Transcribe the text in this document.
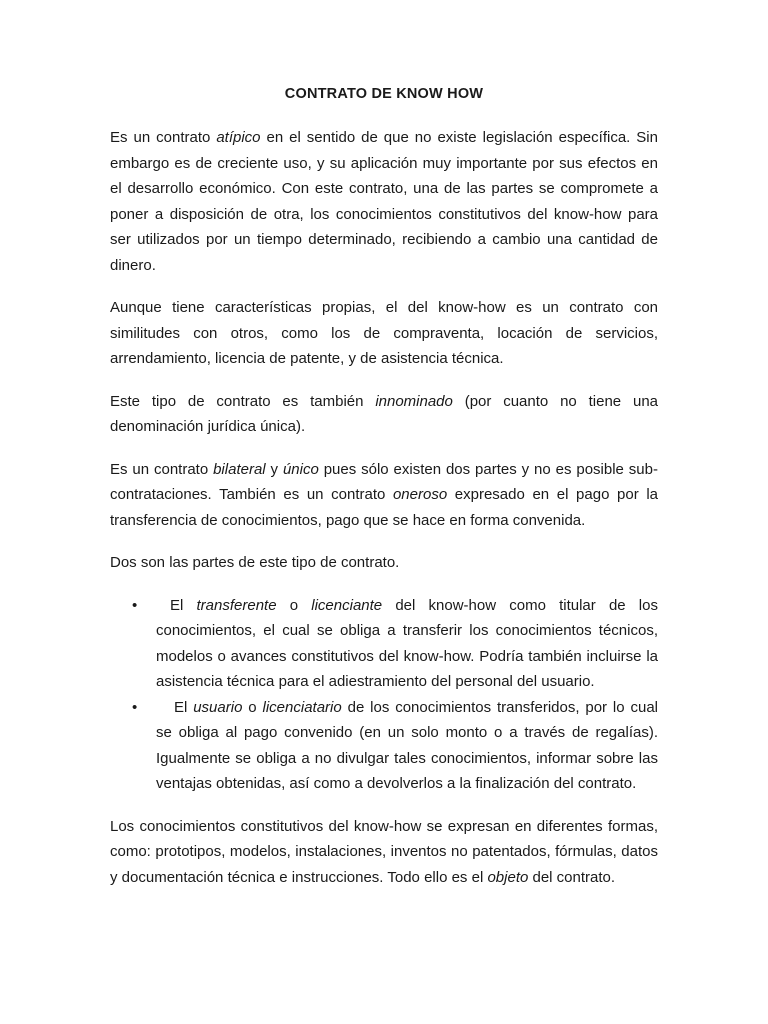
CONTRATO DE KNOW HOW

Es un contrato atípico en el sentido de que no existe legislación específica. Sin embargo es de creciente uso, y su aplicación muy importante por sus efectos en el desarrollo económico. Con este contrato, una de las partes se compromete a poner a disposición de otra, los conocimientos constitutivos del know-how para ser utilizados por un tiempo determinado, recibiendo a cambio una cantidad de dinero.

Aunque tiene características propias, el del know-how es un contrato con similitudes con otros, como los de compraventa, locación de servicios, arrendamiento, licencia de patente, y de asistencia técnica.

Este tipo de contrato es también innominado (por cuanto no tiene una denominación jurídica única).

Es un contrato bilateral y único pues sólo existen dos partes y no es posible sub-contrataciones. También es un contrato oneroso expresado en el pago por la transferencia de conocimientos, pago que se hace en forma convenida.

Dos son las partes de este tipo de contrato.

• El transferente o licenciante del know-how como titular de los conocimientos, el cual se obliga a transferir los conocimientos técnicos, modelos o avances constitutivos del know-how. Podría también incluirse la asistencia técnica para el adiestramiento del personal del usuario.
• El usuario o licenciatario de los conocimientos transferidos, por lo cual se obliga al pago convenido (en un solo monto o a través de regalías). Igualmente se obliga a no divulgar tales conocimientos, informar sobre las ventajas obtenidas, así como a devolverlos a la finalización del contrato.

Los conocimientos constitutivos del know-how se expresan en diferentes formas, como: prototipos, modelos, instalaciones, inventos no patentados, fórmulas, datos y documentación técnica e instrucciones. Todo ello es el objeto del contrato.
